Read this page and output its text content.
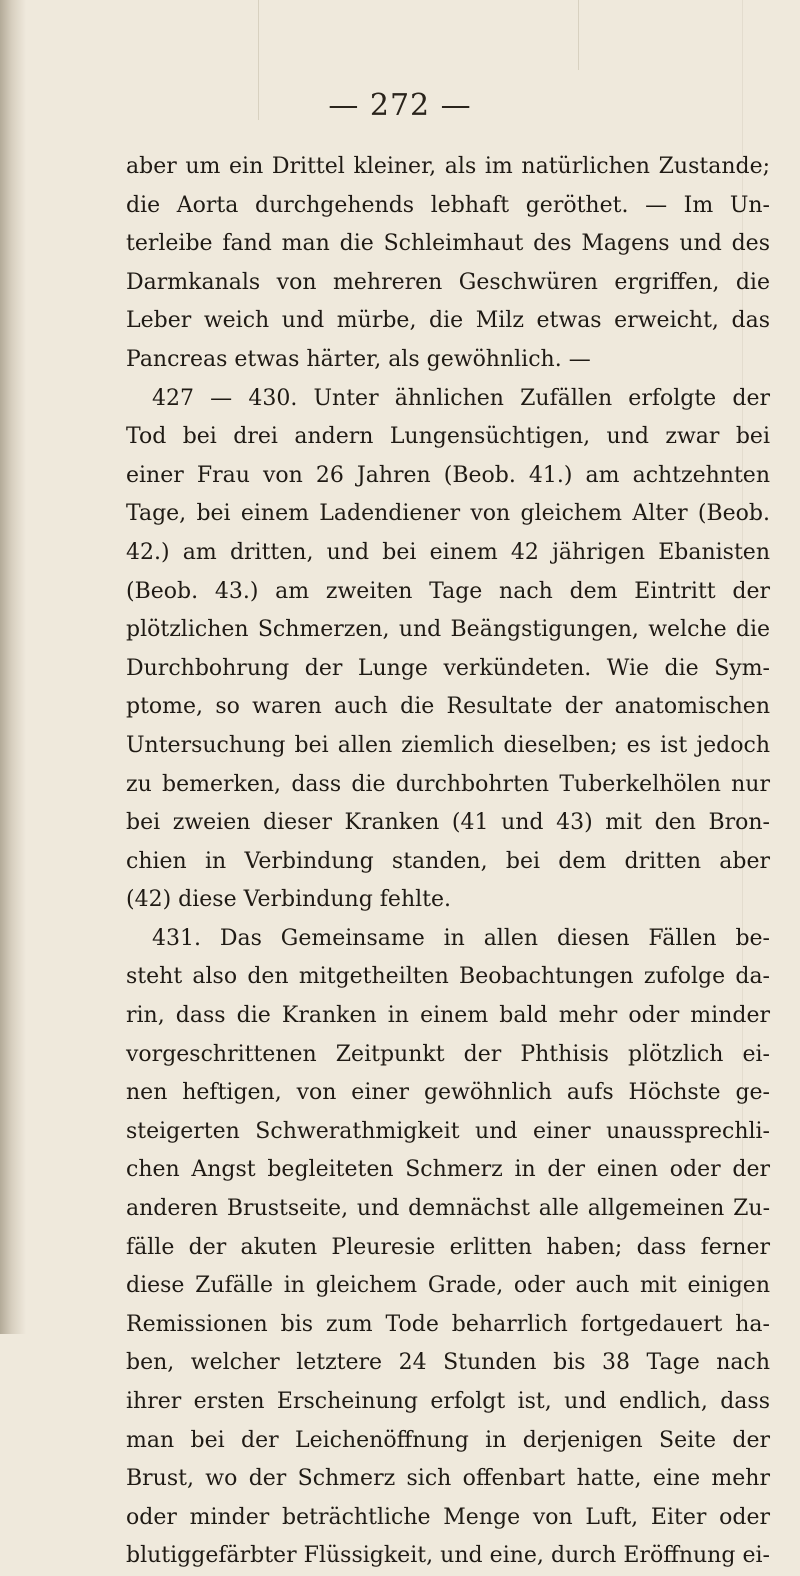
— 272 —
aber um ein Drittel kleiner, als im natürlichen Zustande;
die Aorta durchgehends lebhaft geröthet. — Im Un-
terleibe fand man die Schleimhaut des Magens und des
Darmkanals von mehreren Geschwüren ergriffen, die
Leber weich und mürbe, die Milz etwas erweicht, das
Pancreas etwas härter, als gewöhnlich. —
427 — 430. Unter ähnlichen Zufällen erfolgte der
Tod bei drei andern Lungensüchtigen, und zwar bei
einer Frau von 26 Jahren (Beob. 41.) am achtzehnten
Tage, bei einem Ladendiener von gleichem Alter (Beob.
42.) am dritten, und bei einem 42 jährigen Ebanisten
(Beob. 43.) am zweiten Tage nach dem Eintritt der
plötzlichen Schmerzen, und Beängstigungen, welche die
Durchbohrung der Lunge verkündeten. Wie die Sym-
ptome, so waren auch die Resultate der anatomischen
Untersuchung bei allen ziemlich dieselben; es ist jedoch
zu bemerken, dass die durchbohrten Tuberkelhölen nur
bei zweien dieser Kranken (41 und 43) mit den Bron-
chien in Verbindung standen, bei dem dritten aber
(42) diese Verbindung fehlte.
431. Das Gemeinsame in allen diesen Fällen be-
steht also den mitgetheilten Beobachtungen zufolge da-
rin, dass die Kranken in einem bald mehr oder minder
vorgeschrittenen Zeitpunkt der Phthisis plötzlich ei-
nen heftigen, von einer gewöhnlich aufs Höchste ge-
steigerten Schwerathmigkeit und einer unaussprechli-
chen Angst begleiteten Schmerz in der einen oder der
anderen Brustseite, und demnächst alle allgemeinen Zu-
fälle der akuten Pleuresie erlitten haben; dass ferner
diese Zufälle in gleichem Grade, oder auch mit einigen
Remissionen bis zum Tode beharrlich fortgedauert ha-
ben, welcher letztere 24 Stunden bis 38 Tage nach
ihrer ersten Erscheinung erfolgt ist, und endlich, dass
man bei der Leichenöffnung in derjenigen Seite der
Brust, wo der Schmerz sich offenbart hatte, eine mehr
oder minder beträchtliche Menge von Luft, Eiter oder
blutiggefärbter Flüssigkeit, und eine, durch Eröffnung ei-
